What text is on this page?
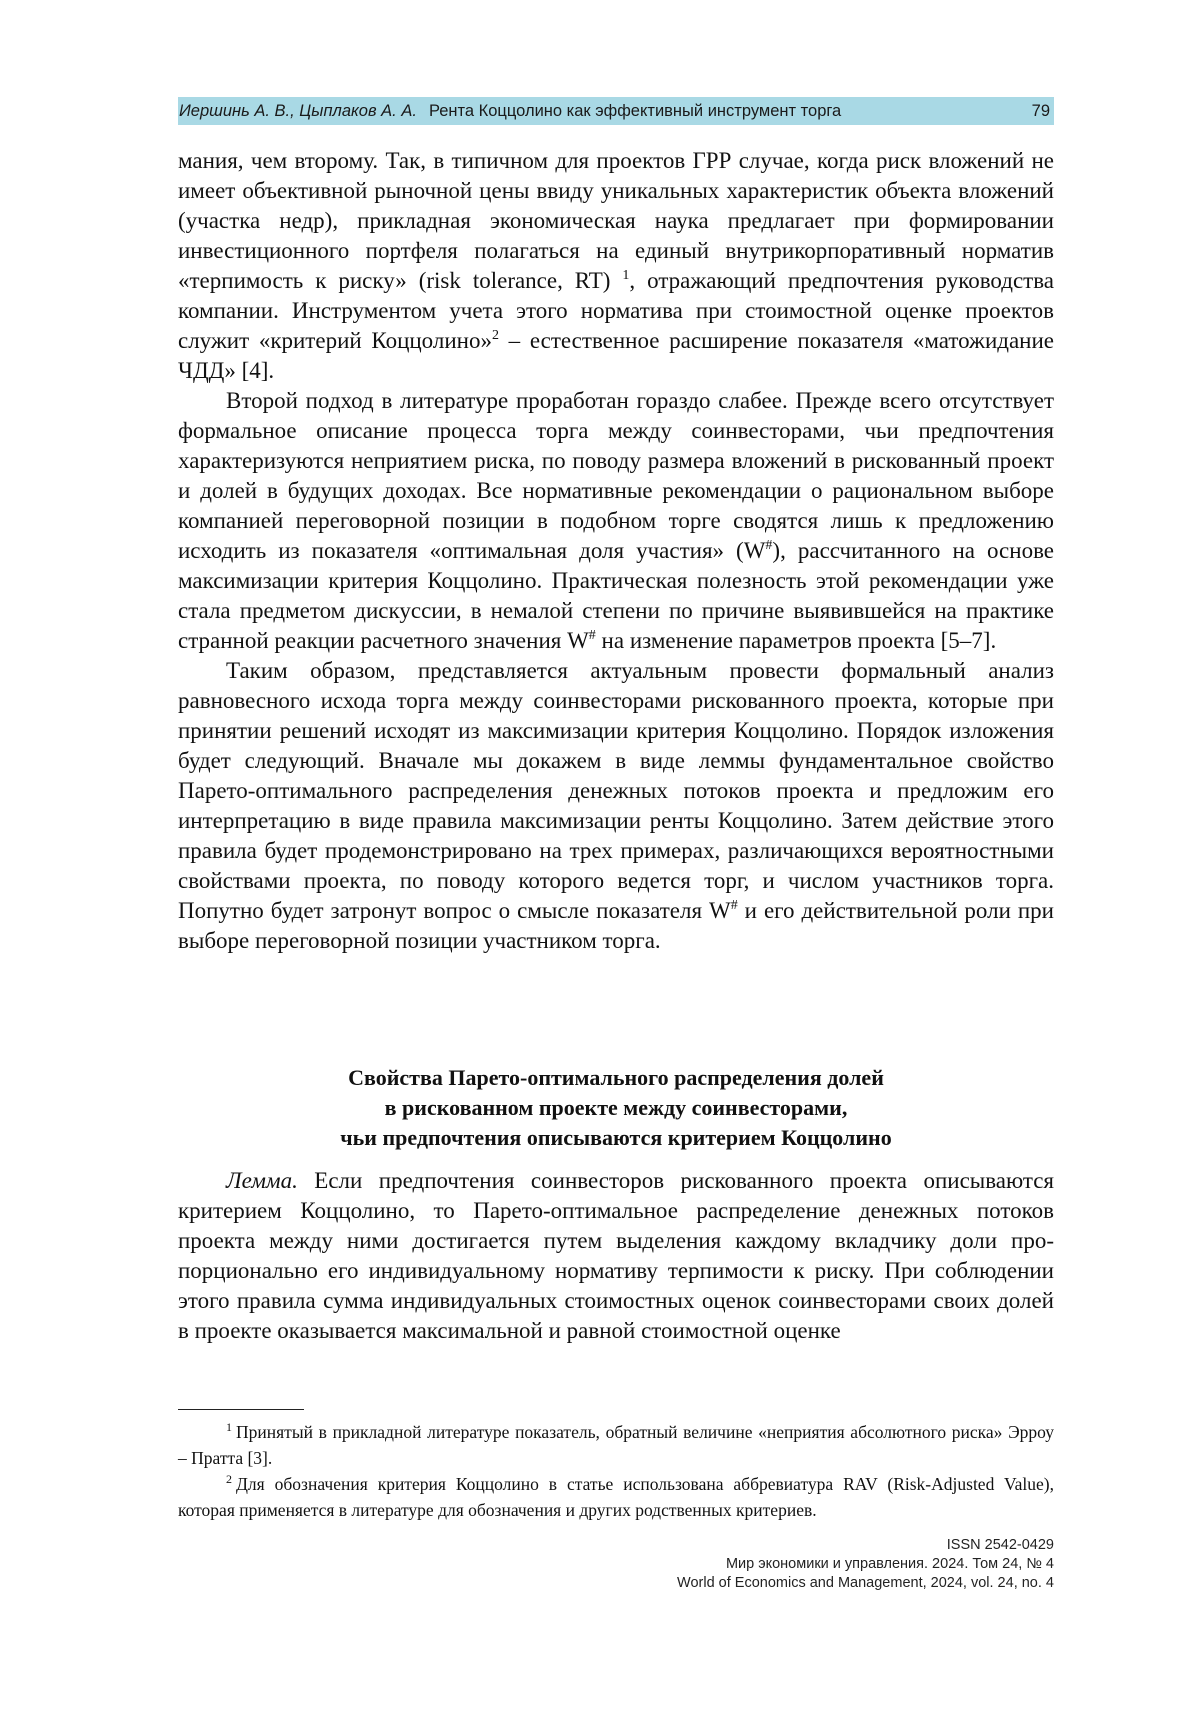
Иершинь А. В., Цыплаков А. А. Рента Коццолино как эффективный инструмент торга	79

мания, чем второму. Так, в типичном для проектов ГРР случае, когда риск вложений не имеет объективной рыночной цены ввиду уникальных характеристик объекта вложений (участка недр), прикладная экономическая наука предлагает при формировании инвестиционного портфеля полагаться на единый внутрикорпоративный норматив «терпимость к риску» (risk tolerance, RT) $^1$, отражающий предпочтения руководства компании. Инструментом учета этого норматива при стоимостной оценке проектов служит «критерий Коццолино»$^2$ – естественное расширение показателя «матожидание ЧДД» [4].

Второй подход в литературе проработан гораздо слабее. Прежде всего отсутствует формальное описание процесса торга между соинвесторами, чьи предпочтения характеризуются неприятием риска, по поводу размера вложений в рискованный проект и долей в будущих доходах. Все нормативные рекомендации о рациональном выборе компанией переговорной позиции в подобном торге сводятся лишь к предложению исходить из показателя «оптимальная доля участия» (W#), рассчитанного на основе максимизации критерия Коццолино. Практическая полезность этой рекомендации уже стала предметом дискуссии, в немалой степени по причине выявившейся на практике странной реакции расчетного значения W# на изменение параметров проекта [5–7].

Таким образом, представляется актуальным провести формальный анализ равновесного исхода торга между соинвесторами рискованного проекта, которые при принятии решений исходят из максимизации критерия Коццолино. Порядок изложения будет следующий. Вначале мы докажем в виде леммы фундаментальное свойство Парето-оптимального распределения денежных потоков проекта и предложим его интерпретацию в виде правила максимизации ренты Коццолино. Затем действие этого правила будет продемонстрировано на трех примерах, различающихся вероятностными свойствами проекта, по поводу которого ведется торг, и числом участников торга. Попутно будет затронут вопрос о смысле показателя W# и его действительной роли при выборе переговорной позиции участником торга.

Свойства Парето-оптимального распределения долей
в рискованном проекте между соинвесторами,
чьи предпочтения описываются критерием Коццолино

Лемма. Если предпочтения соинвесторов рискованного проекта описываются критерием Коццолино, то Парето-оптимальное распределение денежных потоков проекта между ними достигается путем выделения каждому вкладчику доли пропорционально его индивидуальному нормативу терпимости к риску. При соблюдении этого правила сумма индивидуальных стоимостных оценок соинвесторами своих долей в проекте оказывается максимальной и равной стоимостной оценке

$^1$ Принятый в прикладной литературе показатель, обратный величине «неприятия абсолютного риска» Эрроу – Пратта [3].

$^2$ Для обозначения критерия Коццолино в статье использована аббревиатура RAV (Risk-Adjusted Value), которая применяется в литературе для обозначения и других родственных критериев.

ISSN 2542-0429
Мир экономики и управления. 2024. Том 24, № 4
World of Economics and Management, 2024, vol. 24, no. 4
